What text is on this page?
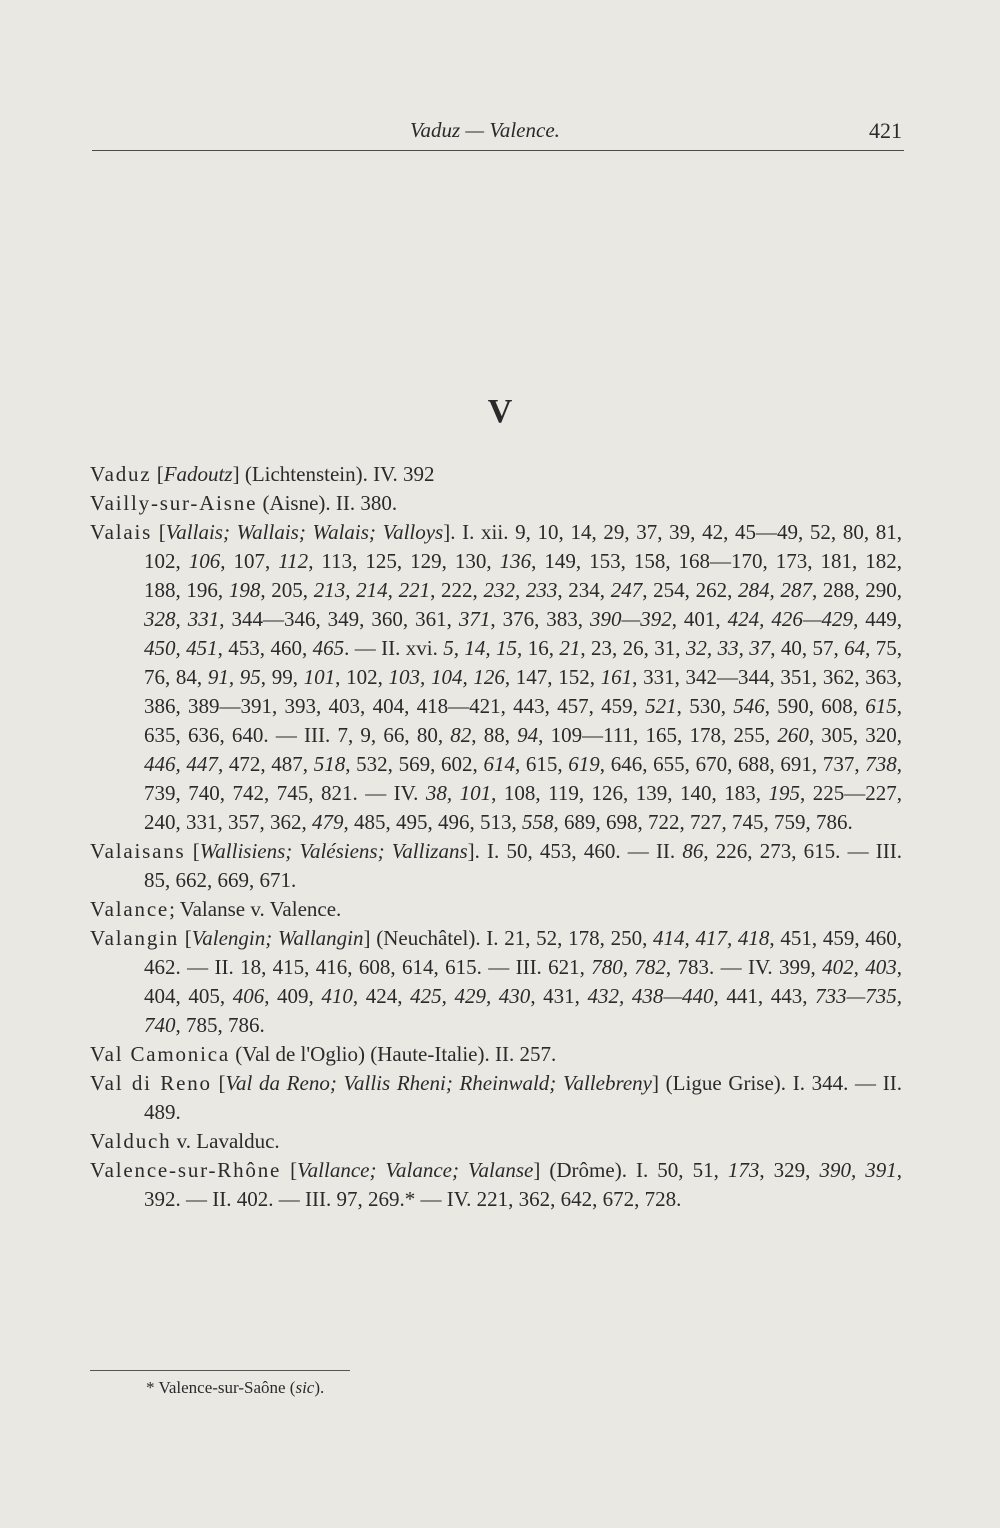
Vaduz — Valence.	421
V

Vaduz [Fadoutz] (Lichtenstein). IV. 392

Vailly-sur-Aisne (Aisne). II. 380.

Valais [Vallais; Wallais; Walais; Valloys]. I. xii. 9, 10, 14, 29, 37, 39, 42, 45—49, 52, 80, 81, 102, 106, 107, 112, 113, 125, 129, 130, 136, 149, 153, 158, 168—170, 173, 181, 182, 188, 196, 198, 205, 213, 214, 221, 222, 232, 233, 234, 247, 254, 262, 284, 287, 288, 290, 328, 331, 344—346, 349, 360, 361, 371, 376, 383, 390—392, 401, 424, 426—429, 449, 450, 451, 453, 460, 465. — II. xvi. 5, 14, 15, 16, 21, 23, 26, 31, 32, 33, 37, 40, 57, 64, 75, 76, 84, 91, 95, 99, 101, 102, 103, 104, 126, 147, 152, 161, 331, 342—344, 351, 362, 363, 386, 389—391, 393, 403, 404, 418—421, 443, 457, 459, 521, 530, 546, 590, 608, 615, 635, 636, 640. — III. 7, 9, 66, 80, 82, 88, 94, 109—111, 165, 178, 255, 260, 305, 320, 446, 447, 472, 487, 518, 532, 569, 602, 614, 615, 619, 646, 655, 670, 688, 691, 737, 738, 739, 740, 742, 745, 821. — IV. 38, 101, 108, 119, 126, 139, 140, 183, 195, 225—227, 240, 331, 357, 362, 479, 485, 495, 496, 513, 558, 689, 698, 722, 727, 745, 759, 786.

Valaisans [Wallisiens; Valésiens; Vallizans]. I. 50, 453, 460. — II. 86, 226, 273, 615. — III. 85, 662, 669, 671.

Valance; Valanse v. Valence.

Valangin [Valengin; Wallangin] (Neuchâtel). I. 21, 52, 178, 250, 414, 417, 418, 451, 459, 460, 462. — II. 18, 415, 416, 608, 614, 615. — III. 621, 780, 782, 783. — IV. 399, 402, 403, 404, 405, 406, 409, 410, 424, 425, 429, 430, 431, 432, 438—440, 441, 443, 733—735, 740, 785, 786.

Val Camonica (Val de l'Oglio) (Haute-Italie). II. 257.

Val di Reno [Val da Reno; Vallis Rheni; Rheinwald; Vallebreny] (Ligue Grise). I. 344. — II. 489.

Valduch v. Lavalduc.

Valence-sur-Rhône [Vallance; Valance; Valanse] (Drôme). I. 50, 51, 173, 329, 390, 391, 392. — II. 402. — III. 97, 269.* — IV. 221, 362, 642, 672, 728.

* Valence-sur-Saône (sic).
